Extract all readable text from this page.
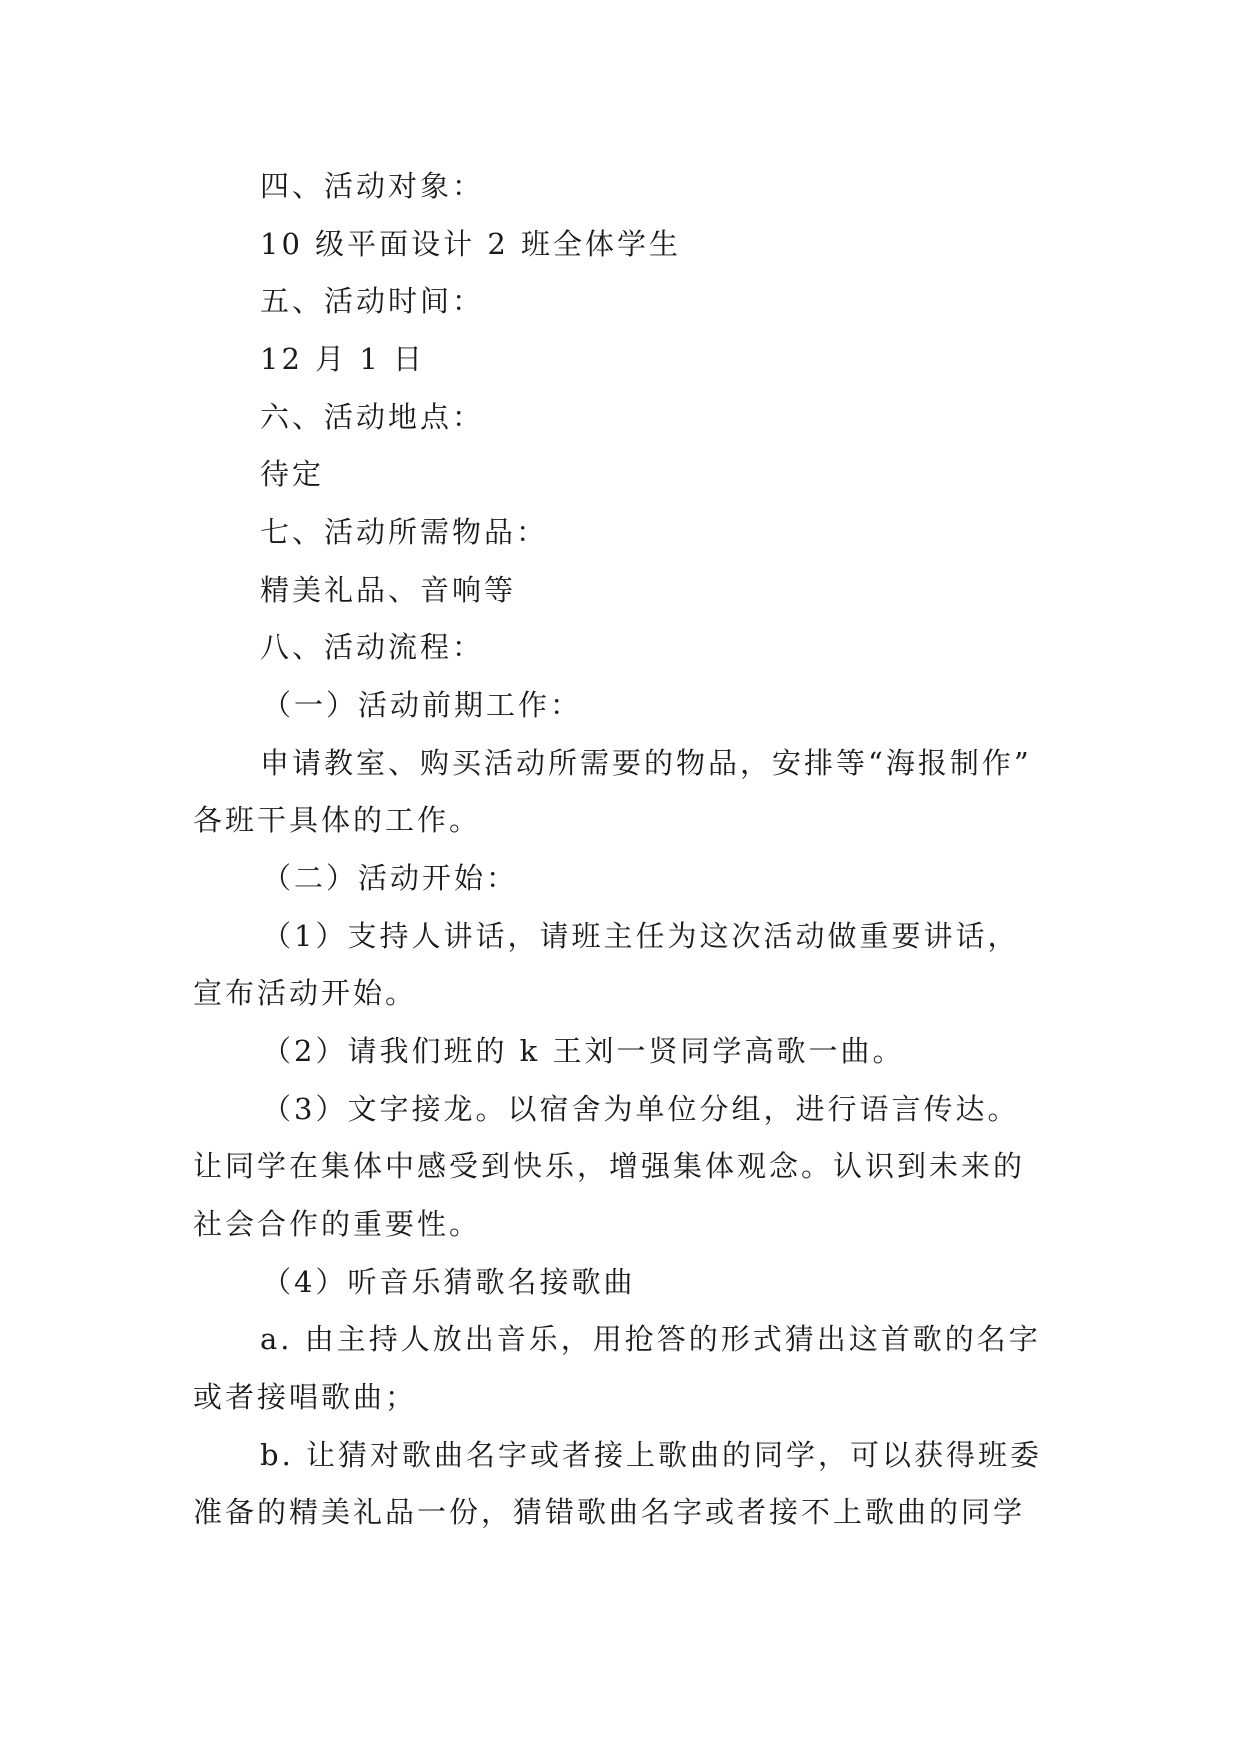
四、活动对象：
10 级平面设计 2 班全体学生
五、活动时间：
12 月 1 日
六、活动地点：
待定
七、活动所需物品：
精美礼品、音响等
八、活动流程：
（一）活动前期工作：
申请教室、购买活动所需要的物品，安排等“海报制作”
各班干具体的工作。
（二）活动开始：
（1）支持人讲话，请班主任为这次活动做重要讲话，
宣布活动开始。
（2）请我们班的 k 王刘一贤同学高歌一曲。
（3）文字接龙。以宿舍为单位分组，进行语言传达。
让同学在集体中感受到快乐，增强集体观念。认识到未来的
社会合作的重要性。
（4）听音乐猜歌名接歌曲
a. 由主持人放出音乐，用抢答的形式猜出这首歌的名字
或者接唱歌曲；
b. 让猜对歌曲名字或者接上歌曲的同学，可以获得班委
准备的精美礼品一份，猜错歌曲名字或者接不上歌曲的同学
